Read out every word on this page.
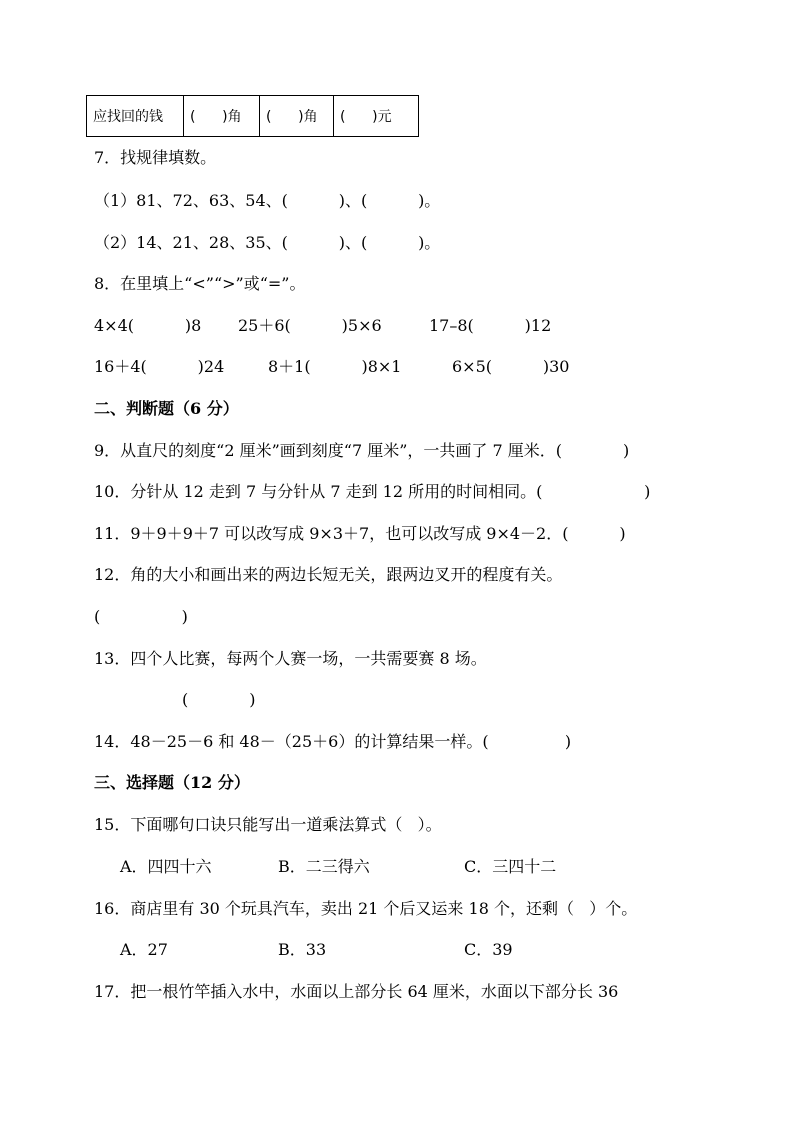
应找回的钱	(      )角	(      )角	(      )元
7．找规律填数。
（1）81、72、63、54、(          )、(          )。
（2）14、21、28、35、(          )、(          )。
8．在里填上“<”“>”或“=”。
4×4(          )8 25＋6(          )5×6	17–8(          )12
16＋4(          )24	8＋1(          )8×1	6×5(          )30
二、判断题（6 分）
9．从直尺的刻度“2 厘米”画到刻度“7 厘米”，一共画了 7 厘米．(            )
10．分针从 12 走到 7 与分针从 7 走到 12 所用的时间相同。(                    )
11．9＋9＋9＋7 可以改写成 9×3＋7，也可以改写成 9×4－2．(          )
12．角的大小和画出来的两边长短无关，跟两边叉开的程度有关。
(                )
13．四个人比赛，每两个人赛一场，一共需要赛 8 场。
(            )
14．48－25－6 和 48－（25＋6）的计算结果一样。(               )
三、选择题（12 分）
15．下面哪句口诀只能写出一道乘法算式（   ）。
A．四四十六	B．二三得六	C．三四十二
16．商店里有 30 个玩具汽车，卖出 21 个后又运来 18 个，还剩（   ）个。
A．27	B．33	C．39
17．把一根竹竿插入水中，水面以上部分长 64 厘米，水面以下部分长 36
